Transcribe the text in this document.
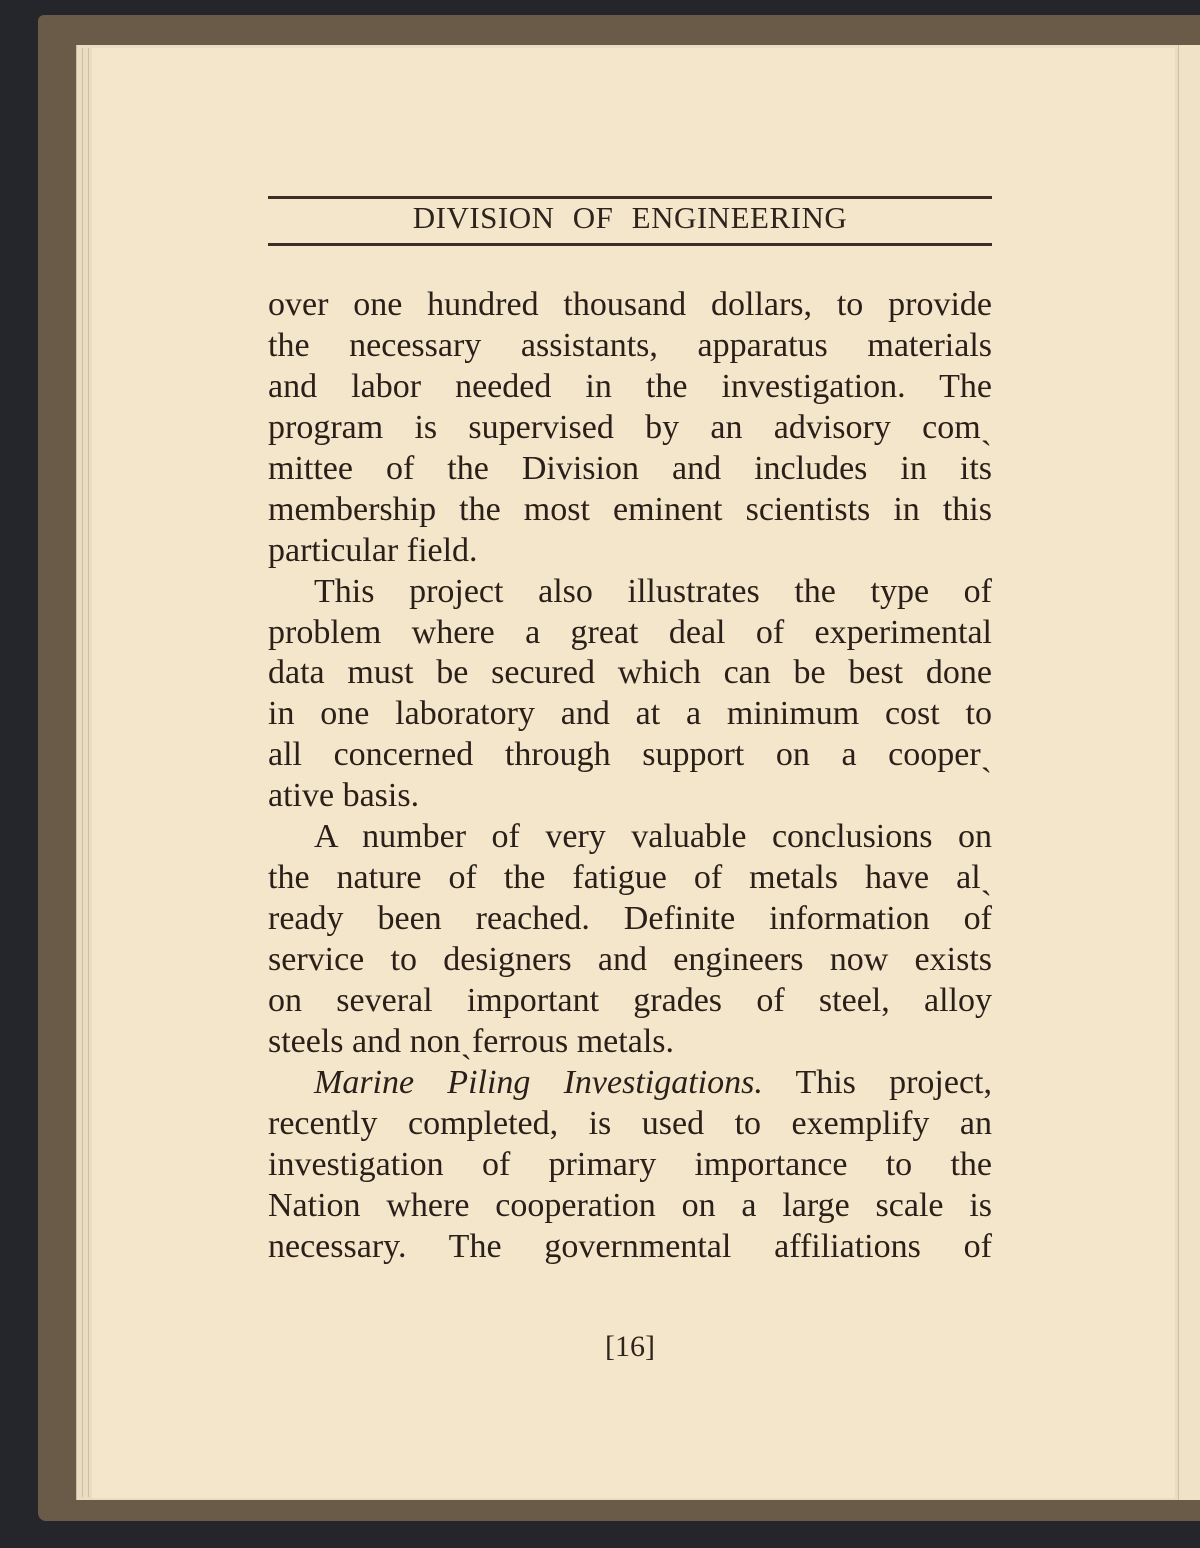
DIVISION OF ENGINEERING
over one hundred thousand dollars, to provide
the necessary assistants, apparatus materials
and labor needed in the investigation. The
program is supervised by an advisory comˎ
mittee of the Division and includes in its
membership the most eminent scientists in this
particular field.
This project also illustrates the type of
problem where a great deal of experimental
data must be secured which can be best done
in one laboratory and at a minimum cost to
all concerned through support on a cooperˎ
ative basis.
A number of very valuable conclusions on
the nature of the fatigue of metals have alˎ
ready been reached. Definite information of
service to designers and engineers now exists
on several important grades of steel, alloy
steels and nonˎferrous metals.
Marine Piling Investigations. This project,
recently completed, is used to exemplify an
investigation of primary importance to the
Nation where cooperation on a large scale is
necessary. The governmental affiliations of
[16]
